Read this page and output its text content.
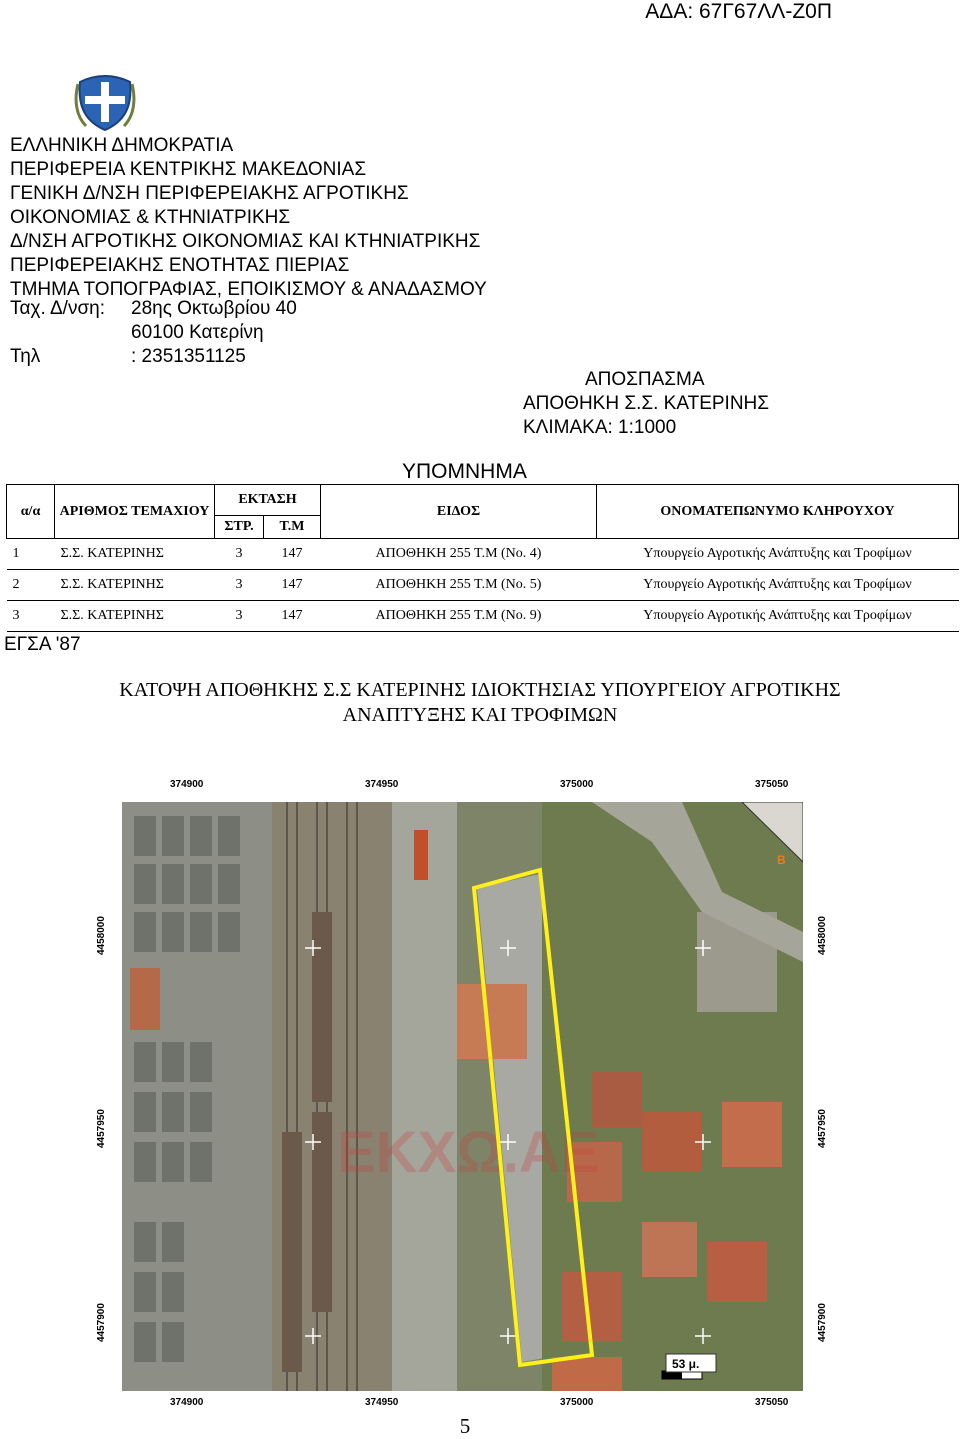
ΑΔΑ: 67Γ67ΛΛ-Ζ0Π
ΕΛΛΗΝΙΚΗ ΔΗΜΟΚΡΑΤΙΑ
ΠΕΡΙΦΕΡΕΙΑ ΚΕΝΤΡΙΚΗΣ ΜΑΚΕΔΟΝΙΑΣ
ΓΕΝΙΚΗ Δ/ΝΣΗ ΠΕΡΙΦΕΡΕΙΑΚΗΣ ΑΓΡΟΤΙΚΗΣ
ΟΙΚΟΝΟΜΙΑΣ & ΚΤΗΝΙΑΤΡΙΚΗΣ
Δ/ΝΣΗ ΑΓΡΟΤΙΚΗΣ ΟΙΚΟΝΟΜΙΑΣ ΚΑΙ ΚΤΗΝΙΑΤΡΙΚΗΣ
ΠΕΡΙΦΕΡΕΙΑΚΗΣ ΕΝΟΤΗΤΑΣ ΠΙΕΡΙΑΣ
ΤΜΗΜΑ ΤΟΠΟΓΡΑΦΙΑΣ, ΕΠΟΙΚΙΣΜΟΥ & ΑΝΑΔΑΣΜΟΥ
Ταχ. Δ/νση: 28ης Οκτωβρίου 40
60100 Κατερίνη
Τηλ	: 2351351125
ΑΠΟΣΠΑΣΜΑ
ΑΠΟΘΗΚΗ Σ.Σ. ΚΑΤΕΡΙΝΗΣ
ΚΛΙΜΑΚΑ: 1:1000
ΥΠΟΜΝΗΜΑ
α/α	ΑΡΙΘΜΟΣ ΤΕΜΑΧΙΟΥ	ΕΚΤΑΣΗ		ΕΙΔΟΣ	ΟΝΟΜΑΤΕΠΩΝΥΜΟ ΚΛΗΡΟΥΧΟΥ
		ΣΤΡ.	Τ.Μ		
1	Σ.Σ. ΚΑΤΕΡΙΝΗΣ	3	147	ΑΠΟΘΗΚΗ 255 Τ.Μ (Νο. 4)	Υπουργείο Αγροτικής Ανάπτυξης και Τροφίμων
2	Σ.Σ. ΚΑΤΕΡΙΝΗΣ	3	147	ΑΠΟΘΗΚΗ 255 Τ.Μ (Νο. 5)	Υπουργείο Αγροτικής Ανάπτυξης και Τροφίμων
3	Σ.Σ. ΚΑΤΕΡΙΝΗΣ	3	147	ΑΠΟΘΗΚΗ 255 Τ.Μ (Νο. 9)	Υπουργείο Αγροτικής Ανάπτυξης και Τροφίμων
ΕΓΣΑ '87
ΚΑΤΟΨΗ ΑΠΟΘΗΚΗΣ Σ.Σ ΚΑΤΕΡΙΝΗΣ ΙΔΙΟΚΤΗΣΙΑΣ ΥΠΟΥΡΓΕΙΟΥ ΑΓΡΟΤΙΚΗΣ
ΑΝΑΠΤΥΞΗΣ ΚΑΙ ΤΡΟΦΙΜΩΝ
374900	374950	375000	375050
374900	374950	375000	375050
4458000
4457950
4457900
4458000
4457950
4457900
ΕΚΧΩ.ΑΕ
B
53 μ.
5
